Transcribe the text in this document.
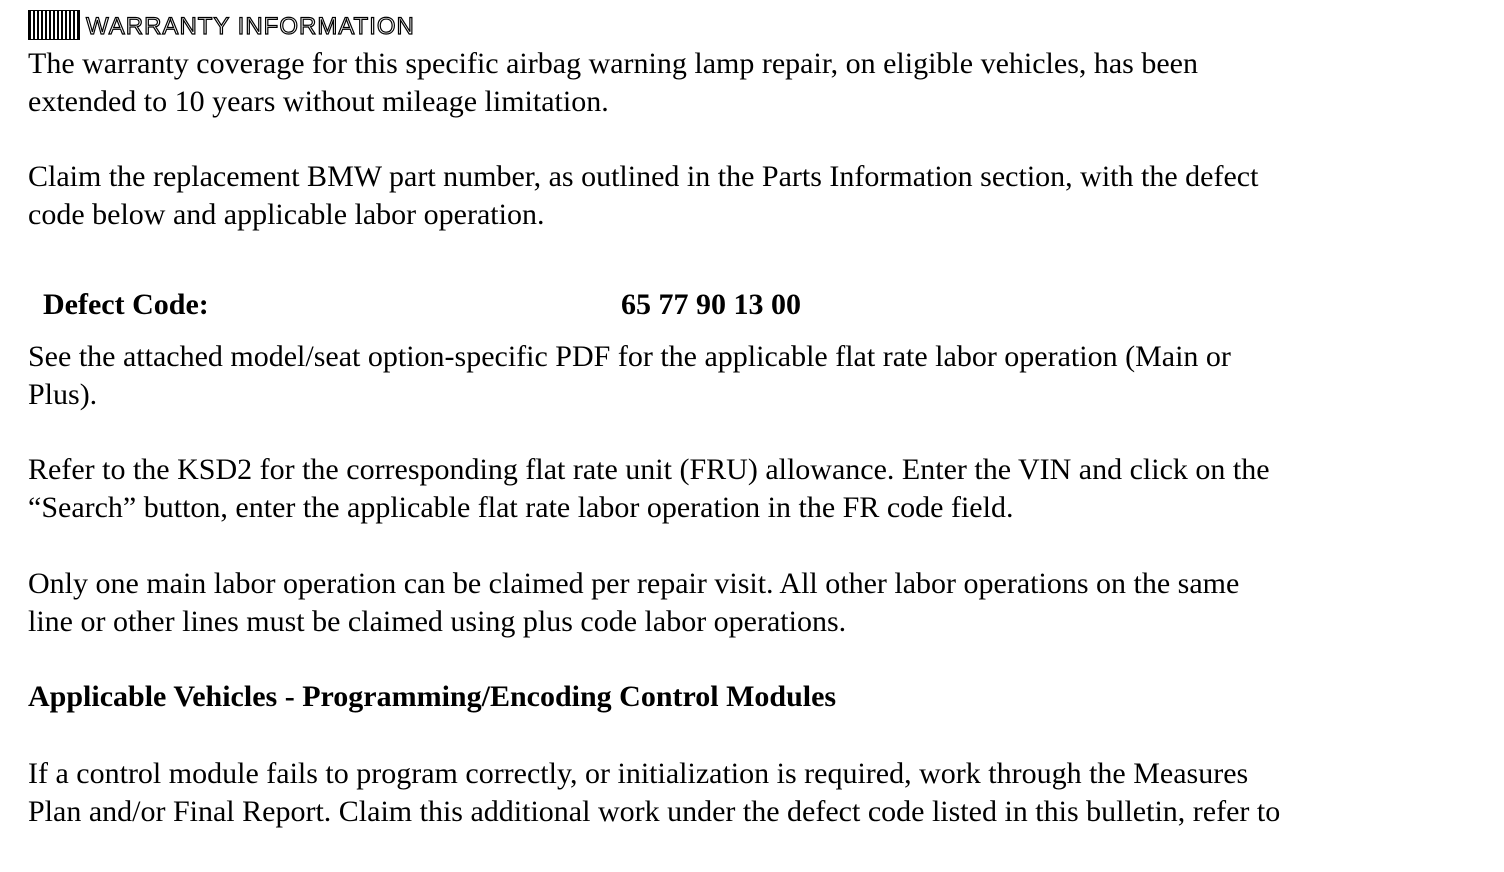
WARRANTY INFORMATION

The warranty coverage for this specific airbag warning lamp repair, on eligible vehicles, has been
extended to 10 years without mileage limitation.

Claim the replacement BMW part number, as outlined in the Parts Information section, with the defect
code below and applicable labor operation.

Defect Code:	65 77 90 13 00

See the attached model/seat option-specific PDF for the applicable flat rate labor operation (Main or
Plus).

Refer to the KSD2 for the corresponding flat rate unit (FRU) allowance. Enter the VIN and click on the
“Search” button, enter the applicable flat rate labor operation in the FR code field.

Only one main labor operation can be claimed per repair visit. All other labor operations on the same
line or other lines must be claimed using plus code labor operations.

Applicable Vehicles - Programming/Encoding Control Modules

If a control module fails to program correctly, or initialization is required, work through the Measures
Plan and/or Final Report. Claim this additional work under the defect code listed in this bulletin, refer to
